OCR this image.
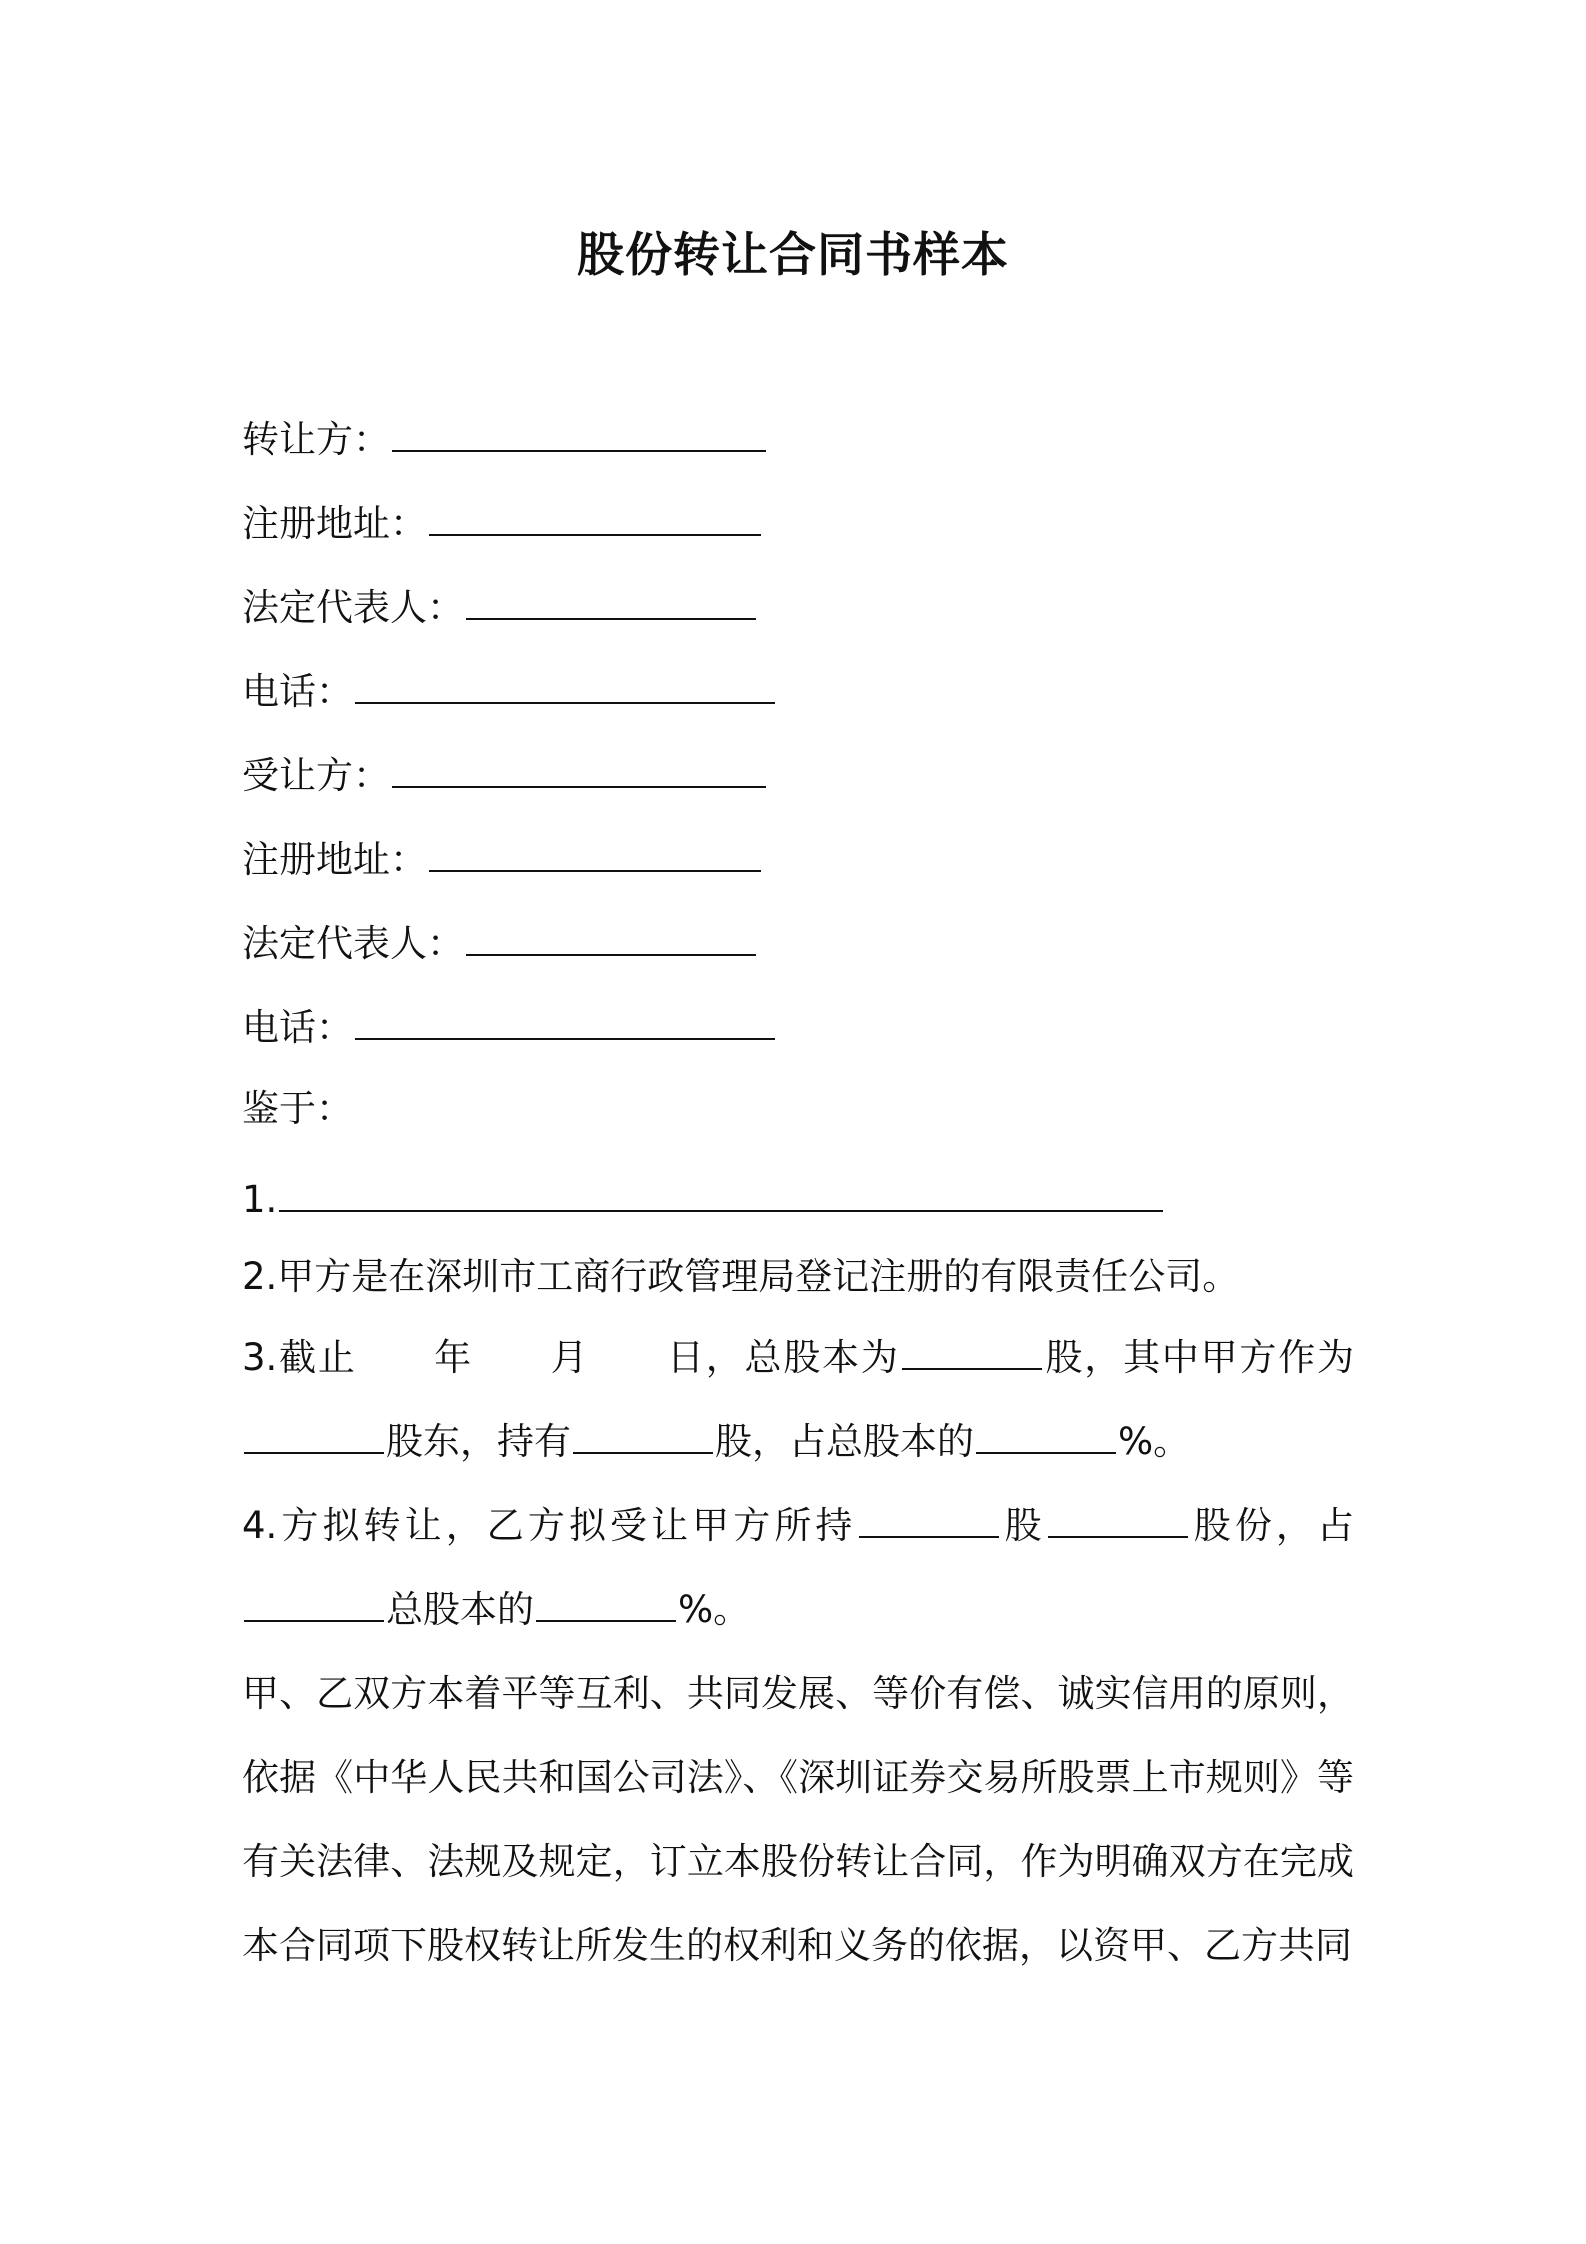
股份转让合同书样本
转让方：
注册地址：
法定代表人：
电话：
受让方：
注册地址：
法定代表人：
电话：
鉴于：
1.
2.甲方是在深圳市工商行政管理局登记注册的有限责任公司。
3.截止　　年　　月　　日，总股本为	股，其中甲方作为股东，持有	股，占总股本的	%。
4.方拟转让，乙方拟受让甲方所持	股	股份，占总股本的	%。
甲、乙双方本着平等互利、共同发展、等价有偿、诚实信用的原则，依据《中华人民共和国公司法》、《深圳证券交易所股票上市规则》等有关法律、法规及规定，订立本股份转让合同，作为明确双方在完成本合同项下股权转让所发生的权利和义务的依据，以资甲、乙方共同
